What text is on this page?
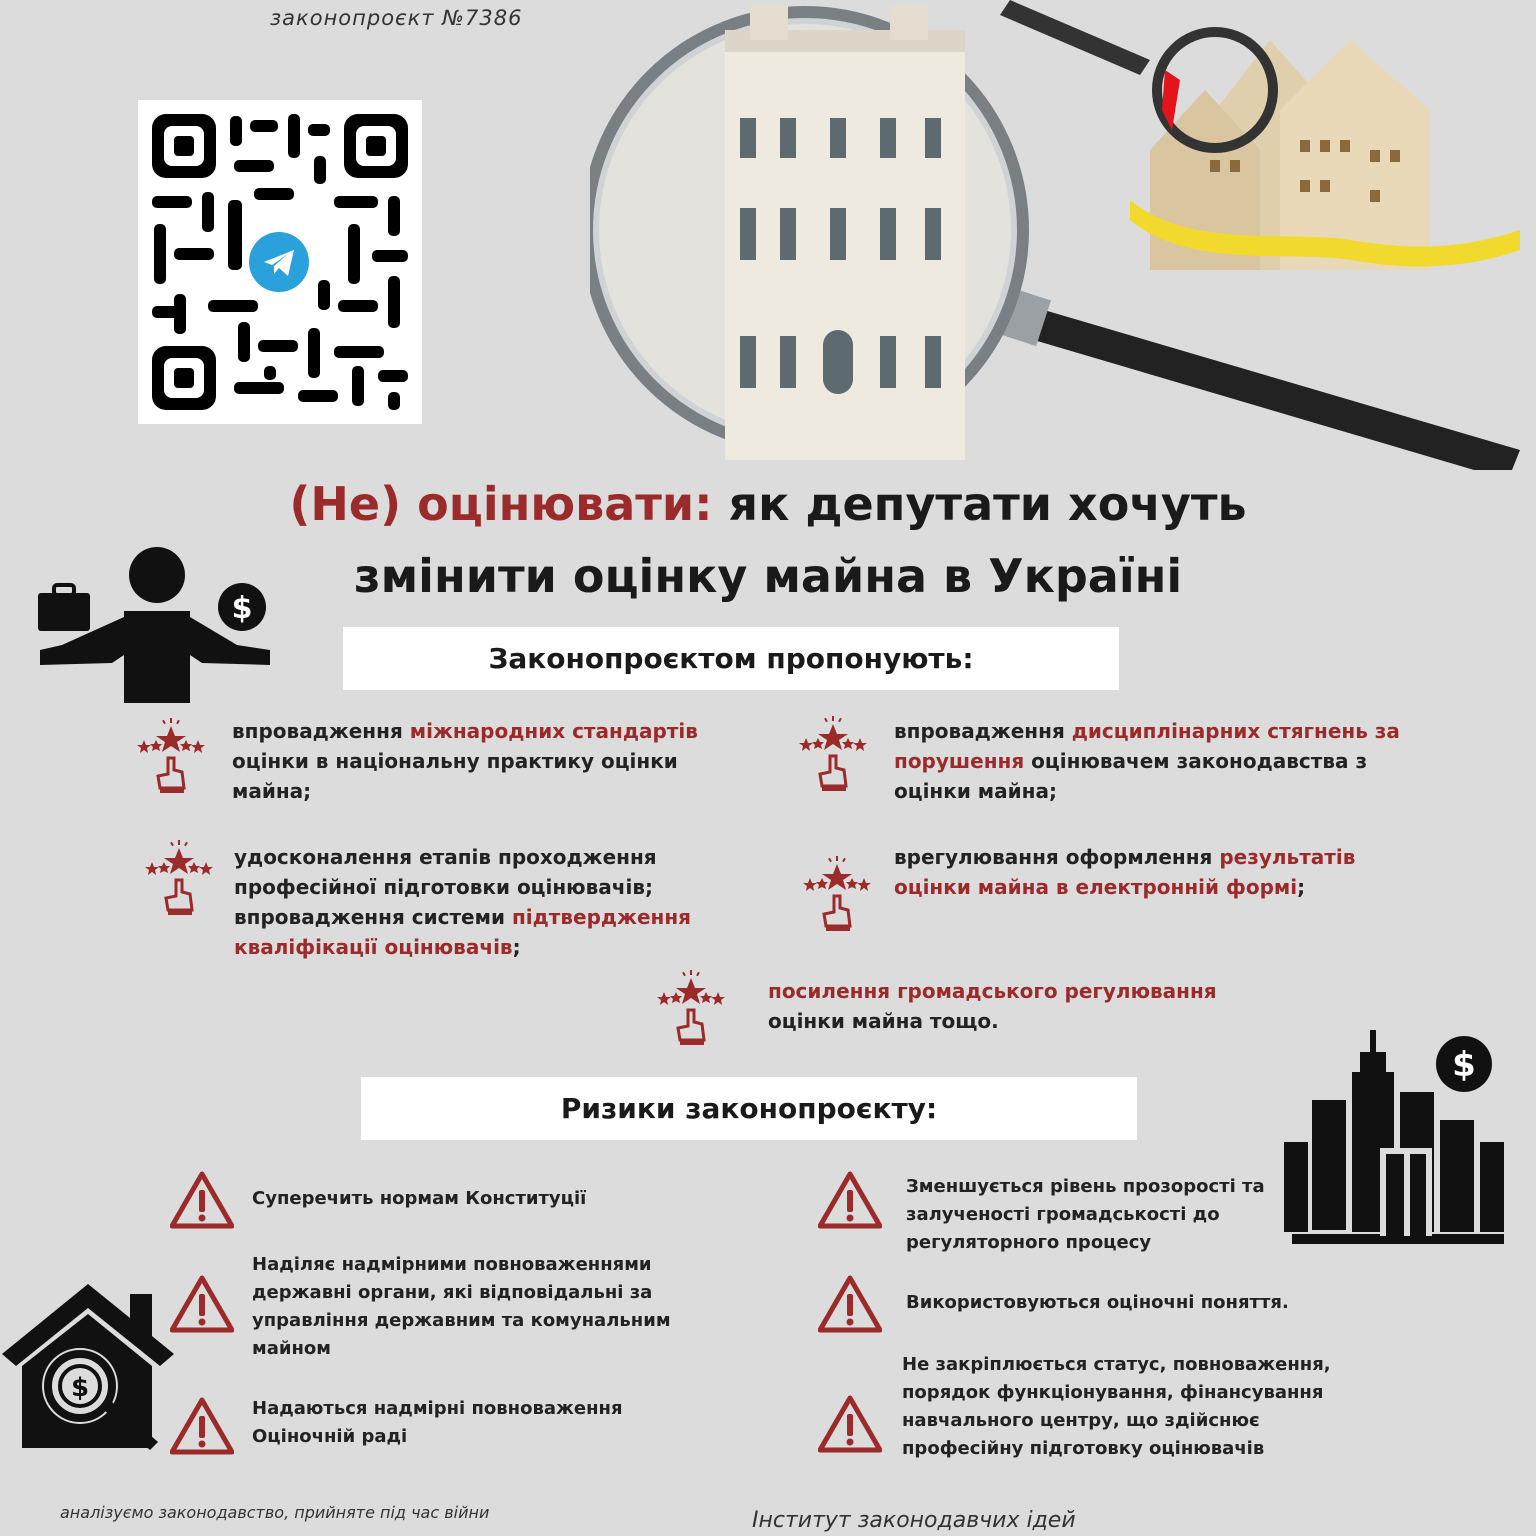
законопроєкт №7386
(Не) оцінювати: як депутати хочуть
змінити оцінку майна в Україні
$
Законопроєктом пропонують:
впровадження міжнародних стандартів оцінки в національну практику оцінки майна;
впровадження дисциплінарних стягнень за порушення оцінювачем законодавства з оцінки майна;
удосконалення етапів проходження професійної підготовки оцінювачів; впровадження системи підтвердження кваліфікації оцінювачів;
врегулювання оформлення результатів оцінки майна в електронній формі;
посилення громадського регулювання оцінки майна тощо.
$
Ризики законопроєкту:
Суперечить нормам Конституції
Наділяє надмірними повноваженнями державні органи, які відповідальні за управління державним та комунальним майном
Надаються надмірні повноваження Оціночній раді
Зменшується рівень прозорості та залученості громадськості до регуляторного процесу
Використовуються оціночні поняття.
Не закріплюється статус, повноваження, порядок функціонування, фінансування навчального центру, що здійснює професійну підготовку оцінювачів
$
аналізуємо законодавство, прийняте під час війни	Інститут законодавчих ідей
